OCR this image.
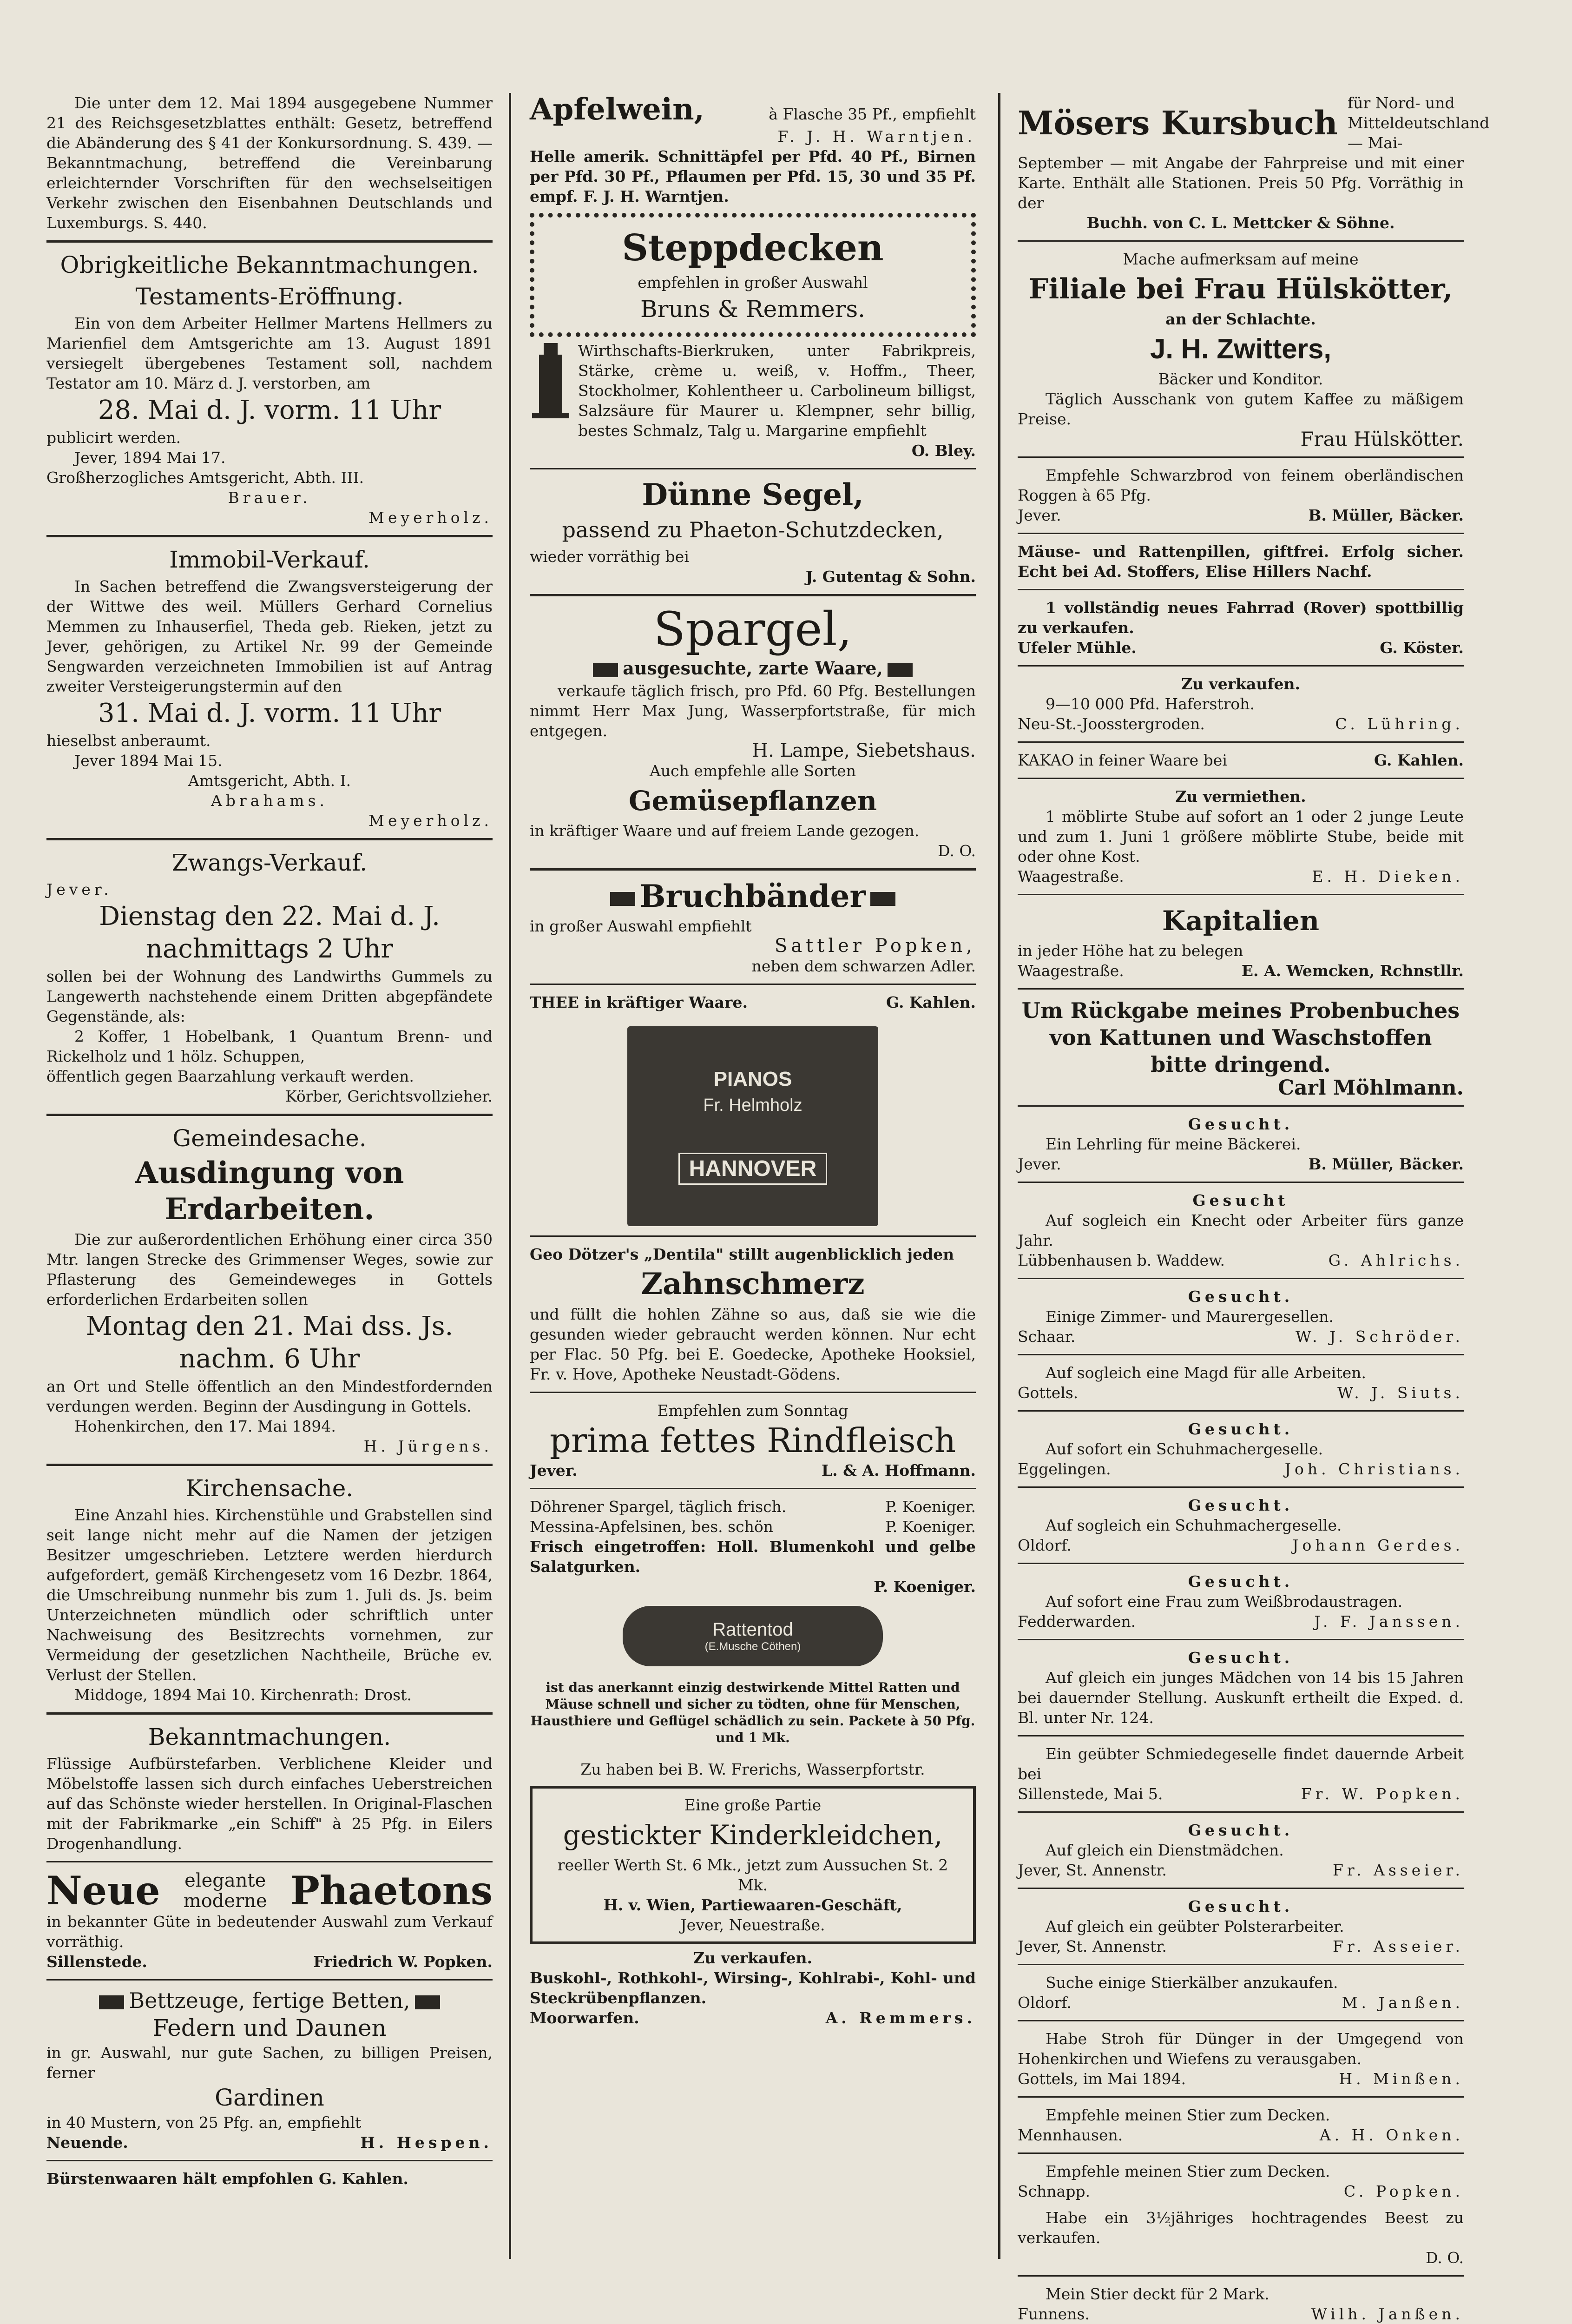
Die unter dem 12. Mai 1894 ausgegebene Nummer 21 des Reichsgesetzblattes enthält: Gesetz, betreffend die Abänderung des § 41 der Konkursordnung. S. 439. — Bekanntmachung, betreffend die Vereinbarung erleichternder Vorschriften für den wechselseitigen Verkehr zwischen den Eisenbahnen Deutschlands und Luxemburgs. S. 440.

Obrigkeitliche Bekanntmachungen.
Testaments-Eröffnung.

Ein von dem Arbeiter Hellmer Martens Hellmers zu Marienfiel dem Amtsgerichte am 13. August 1891 versiegelt übergebenes Testament soll, nachdem Testator am 10. März d. J. verstorben, am

28. Mai d. J. vorm. 11 Uhr

publicirt werden.

Jever, 1894 Mai 17.

Großherzogliches Amtsgericht, Abth. III.

Brauer.

Meyerholz.

Immobil-Verkauf.

In Sachen betreffend die Zwangsversteigerung der der Wittwe des weil. Müllers Gerhard Cornelius Memmen zu Inhauserfiel, Theda geb. Rieken, jetzt zu Jever, gehörigen, zu Artikel Nr. 99 der Gemeinde Sengwarden verzeichneten Immobilien ist auf Antrag zweiter Versteigerungstermin auf den

31. Mai d. J. vorm. 11 Uhr

hieselbst anberaumt.

Jever 1894 Mai 15.

Amtsgericht, Abth. I.

Abrahams.

Meyerholz.

Zwangs-Verkauf.

Jever.

Dienstag den 22. Mai d. J.
nachmittags 2 Uhr

sollen bei der Wohnung des Landwirths Gummels zu Langewerth nachstehende einem Dritten abgepfändete Gegenstände, als:

2 Koffer, 1 Hobelbank, 1 Quantum Brenn- und Rickelholz und 1 hölz. Schuppen,

öffentlich gegen Baarzahlung verkauft werden.

Körber, Gerichtsvollzieher.

Gemeindesache.
Ausdingung von Erdarbeiten.

Die zur außerordentlichen Erhöhung einer circa 350 Mtr. langen Strecke des Grimmenser Weges, sowie zur Pflasterung des Gemeindeweges in Gottels erforderlichen Erdarbeiten sollen

Montag den 21. Mai dss. Js.
nachm. 6 Uhr

an Ort und Stelle öffentlich an den Mindestfordernden verdungen werden. Beginn der Ausdingung in Gottels.

Hohenkirchen, den 17. Mai 1894.

H. Jürgens.

Kirchensache.

Eine Anzahl hies. Kirchenstühle und Grabstellen sind seit lange nicht mehr auf die Namen der jetzigen Besitzer umgeschrieben. Letztere werden hierdurch aufgefordert, gemäß Kirchengesetz vom 16 Dezbr. 1864, die Umschreibung nunmehr bis zum 1. Juli ds. Js. beim Unterzeichneten mündlich oder schriftlich unter Nachweisung des Besitzrechts vornehmen, zur Vermeidung der gesetzlichen Nachtheile, Brüche ev. Verlust der Stellen.

Middoge, 1894 Mai 10. Kirchenrath: Drost.

Bekanntmachungen.

Flüssige Aufbürstefarben. Verblichene Kleider und Möbelstoffe lassen sich durch einfaches Ueberstreichen auf das Schönste wieder herstellen. In Original-Flaschen mit der Fabrikmarke „ein Schiff" à 25 Pfg. in Eilers Drogenhandlung.

Neue elegante
moderne Phaetons

in bekannter Güte in bedeutender Auswahl zum Verkauf vorräthig.

Sillenstede.	Friedrich W. Popken.
Bettzeuge, fertige Betten,
Federn und Daunen

in gr. Auswahl, nur gute Sachen, zu billigen Preisen, ferner

Gardinen

in 40 Mustern, von 25 Pfg. an, empfiehlt

Neuende.	H. Hespen.

Bürstenwaaren hält empfohlen G. Kahlen.

Apfelwein,	à Flasche 35 Pf., empfiehlt

F. J. H. Warntjen.

Helle amerik. Schnittäpfel per Pfd. 40 Pf., Birnen per Pfd. 30 Pf., Pflaumen per Pfd. 15, 30 und 35 Pf. empf. F. J. H. Warntjen.

Steppdecken

empfehlen in großer Auswahl

Bruns & Remmers.

Wirthschafts-Bierkruken, unter Fabrikpreis, Stärke, crème u. weiß, v. Hoffm., Theer, Stockholmer, Kohlentheer u. Carbolineum billigst, Salzsäure für Maurer u. Klempner, sehr billig, bestes Schmalz, Talg u. Margarine empfiehlt

O. Bley.

Dünne Segel,
passend zu Phaeton-Schutzdecken,

wieder vorräthig bei

J. Gutentag & Sohn.

Spargel,
ausgesuchte, zarte Waare,

verkaufe täglich frisch, pro Pfd. 60 Pfg. Bestellungen nimmt Herr Max Jung, Wasserpfortstraße, für mich entgegen.

H. Lampe, Siebetshaus.

Auch empfehle alle Sorten

Gemüsepflanzen

in kräftiger Waare und auf freiem Lande gezogen.

D. O.

Bruchbänder

in großer Auswahl empfiehlt

Sattler Popken,

neben dem schwarzen Adler.

THEE in kräftiger Waare.	G. Kahlen.
PIANOS
Fr. Helmholz
HANNOVER

Geo Dötzer's „Dentila" stillt augenblicklich jeden

Zahnschmerz

und füllt die hohlen Zähne so aus, daß sie wie die gesunden wieder gebraucht werden können. Nur echt per Flac. 50 Pfg. bei E. Goedecke, Apotheke Hooksiel, Fr. v. Hove, Apotheke Neustadt-Gödens.

Empfehlen zum Sonntag

prima fettes Rindfleisch
Jever.	L. & A. Hoffmann.
Döhrener Spargel, täglich frisch.	P. Koeniger.
Messina-Apfelsinen, bes. schön	P. Koeniger.

Frisch eingetroffen: Holl. Blumenkohl und gelbe Salatgurken.

P. Koeniger.

Rattentod
(E.Musche Cöthen)

ist das anerkannt einzig destwirkende Mittel Ratten und Mäuse schnell und sicher zu tödten, ohne für Menschen, Hausthiere und Geflügel schädlich zu sein. Packete à 50 Pfg. und 1 Mk.

Zu haben bei B. W. Frerichs, Wasserpfortstr.

Eine große Partie

gestickter Kinderkleidchen,

reeller Werth St. 6 Mk., jetzt zum Aussuchen St. 2 Mk.

H. v. Wien, Partiewaaren-Geschäft,

Jever, Neuestraße.

Zu verkaufen.

Buskohl-, Rothkohl-, Wirsing-, Kohlrabi-, Kohl- und Steckrübenpflanzen.

Moorwarfen.	A. Remmers.
Mösers Kursbuch
für Nord- und Mitteldeutschland — Mai-

September — mit Angabe der Fahrpreise und mit einer Karte. Enthält alle Stationen. Preis 50 Pfg. Vorräthig in der

Buchh. von C. L. Mettcker & Söhne.

Mache aufmerksam auf meine

Filiale bei Frau Hülskötter,

an der Schlachte.

J. H. Zwitters,

Bäcker und Konditor.

Täglich Ausschank von gutem Kaffee zu mäßigem Preise.

Frau Hülskötter.

Empfehle Schwarzbrod von feinem oberländischen Roggen à 65 Pfg.

Jever.	B. Müller, Bäcker.

Mäuse- und Rattenpillen, giftfrei. Erfolg sicher. Echt bei Ad. Stoffers, Elise Hillers Nachf.

1 vollständig neues Fahrrad (Rover) spottbillig zu verkaufen.

Ufeler Mühle.	G. Köster.

Zu verkaufen.

9—10 000 Pfd. Haferstroh.

Neu-St.-Joosstergroden.	C. Lühring.
KAKAO in feiner Waare bei	G. Kahlen.

Zu vermiethen.

1 möblirte Stube auf sofort an 1 oder 2 junge Leute und zum 1. Juni 1 größere möblirte Stube, beide mit oder ohne Kost.

Waagestraße.	E. H. Dieken.
Kapitalien

in jeder Höhe hat zu belegen

Waagestraße.	E. A. Wemcken, Rchnstllr.

Um Rückgabe meines Probenbuches von Kattunen und Waschstoffen bitte dringend.

Carl Möhlmann.

Gesucht.

Ein Lehrling für meine Bäckerei.

Jever.	B. Müller, Bäcker.

Gesucht

Auf sogleich ein Knecht oder Arbeiter fürs ganze Jahr.

Lübbenhausen b. Waddew.	G. Ahlrichs.

Gesucht.

Einige Zimmer- und Maurergesellen.

Schaar.	W. J. Schröder.

Auf sogleich eine Magd für alle Arbeiten.

Gottels.	W. J. Siuts.

Gesucht.

Auf sofort ein Schuhmachergeselle.

Eggelingen.	Joh. Christians.

Gesucht.

Auf sogleich ein Schuhmachergeselle.

Oldorf.	Johann Gerdes.

Gesucht.

Auf sofort eine Frau zum Weißbrodaustragen.

Fedderwarden.	J. F. Janssen.

Gesucht.

Auf gleich ein junges Mädchen von 14 bis 15 Jahren bei dauernder Stellung. Auskunft ertheilt die Exped. d. Bl. unter Nr. 124.

Ein geübter Schmiedegeselle findet dauernde Arbeit bei

Sillenstede, Mai 5.	Fr. W. Popken.

Gesucht.

Auf gleich ein Dienstmädchen.

Jever, St. Annenstr.	Fr. Asseier.

Gesucht.

Auf gleich ein geübter Polsterarbeiter.

Jever, St. Annenstr.	Fr. Asseier.

Suche einige Stierkälber anzukaufen.

Oldorf.	M. Janßen.

Habe Stroh für Dünger in der Umgegend von Hohenkirchen und Wiefens zu verausgaben.

Gottels, im Mai 1894.	H. Minßen.

Empfehle meinen Stier zum Decken.

Mennhausen.	A. H. Onken.

Empfehle meinen Stier zum Decken.

Schnapp.	C. Popken.

Habe ein 3½jähriges hochtragendes Beest zu verkaufen.

D. O.

Mein Stier deckt für 2 Mark.

Funnens.	Wilh. Janßen.
